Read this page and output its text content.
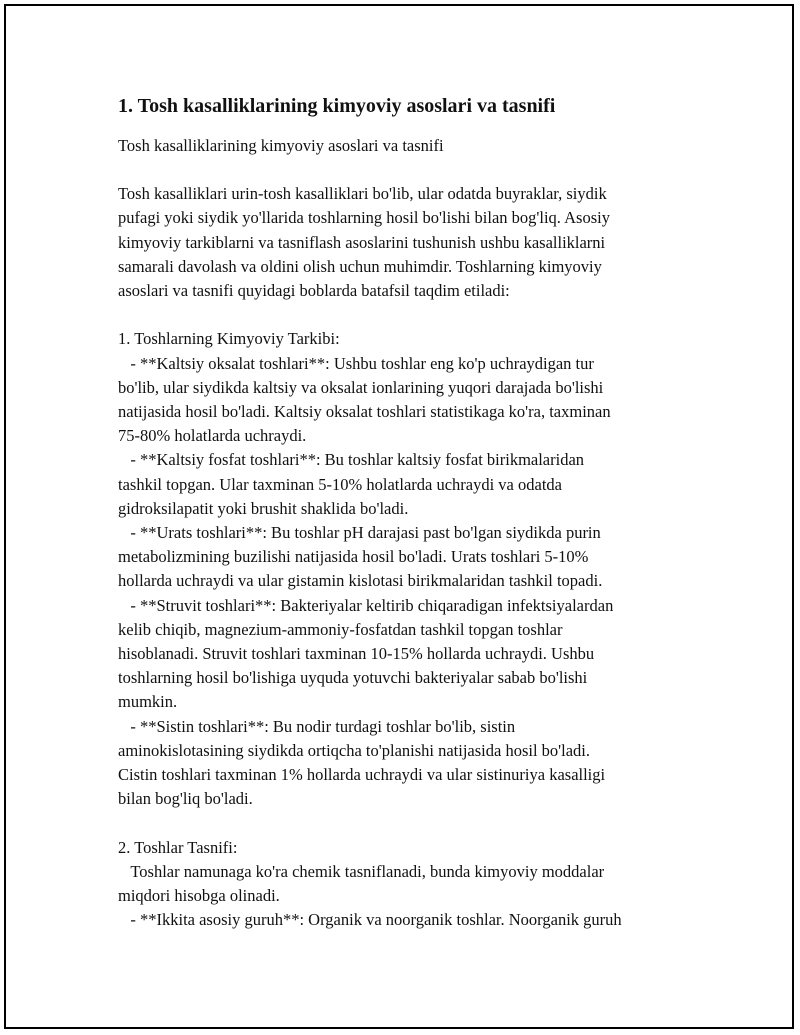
1. Tosh kasalliklarining kimyoviy asoslari va tasnifi

Tosh kasalliklarining kimyoviy asoslari va tasnifi

Tosh kasalliklari urin-tosh kasalliklari bo'lib, ular odatda buyraklar, siydik
pufagi yoki siydik yo'llarida toshlarning hosil bo'lishi bilan bog'liq. Asosiy
kimyoviy tarkiblarni va tasniflash asoslarini tushunish ushbu kasalliklarni
samarali davolash va oldini olish uchun muhimdir. Toshlarning kimyoviy
asoslari va tasnifi quyidagi boblarda batafsil taqdim etiladi:

1. Toshlarning Kimyoviy Tarkibi:

- **Kaltsiy oksalat toshlari**: Ushbu toshlar eng ko'p uchraydigan tur
bo'lib, ular siydikda kaltsiy va oksalat ionlarining yuqori darajada bo'lishi
natijasida hosil bo'ladi. Kaltsiy oksalat toshlari statistikaga ko'ra, taxminan
75-80% holatlarda uchraydi.

- **Kaltsiy fosfat toshlari**: Bu toshlar kaltsiy fosfat birikmalaridan
tashkil topgan. Ular taxminan 5-10% holatlarda uchraydi va odatda
gidroksilapatit yoki brushit shaklida bo'ladi.

- **Urats toshlari**: Bu toshlar pH darajasi past bo'lgan siydikda purin
metabolizmining buzilishi natijasida hosil bo'ladi. Urats toshlari 5-10%
hollarda uchraydi va ular gistamin kislotasi birikmalaridan tashkil topadi.

- **Struvit toshlari**: Bakteriyalar keltirib chiqaradigan infektsiyalardan
kelib chiqib, magnezium-ammoniy-fosfatdan tashkil topgan toshlar
hisoblanadi. Struvit toshlari taxminan 10-15% hollarda uchraydi. Ushbu
toshlarning hosil bo'lishiga uyquda yotuvchi bakteriyalar sabab bo'lishi
mumkin.

- **Sistin toshlari**: Bu nodir turdagi toshlar bo'lib, sistin
aminokislotasining siydikda ortiqcha to'planishi natijasida hosil bo'ladi.
Cistin toshlari taxminan 1% hollarda uchraydi va ular sistinuriya kasalligi
bilan bog'liq bo'ladi.

2. Toshlar Tasnifi:

Toshlar namunaga ko'ra chemik tasniflanadi, bunda kimyoviy moddalar
miqdori hisobga olinadi.

- **Ikkita asosiy guruh**: Organik va noorganik toshlar. Noorganik guruh
